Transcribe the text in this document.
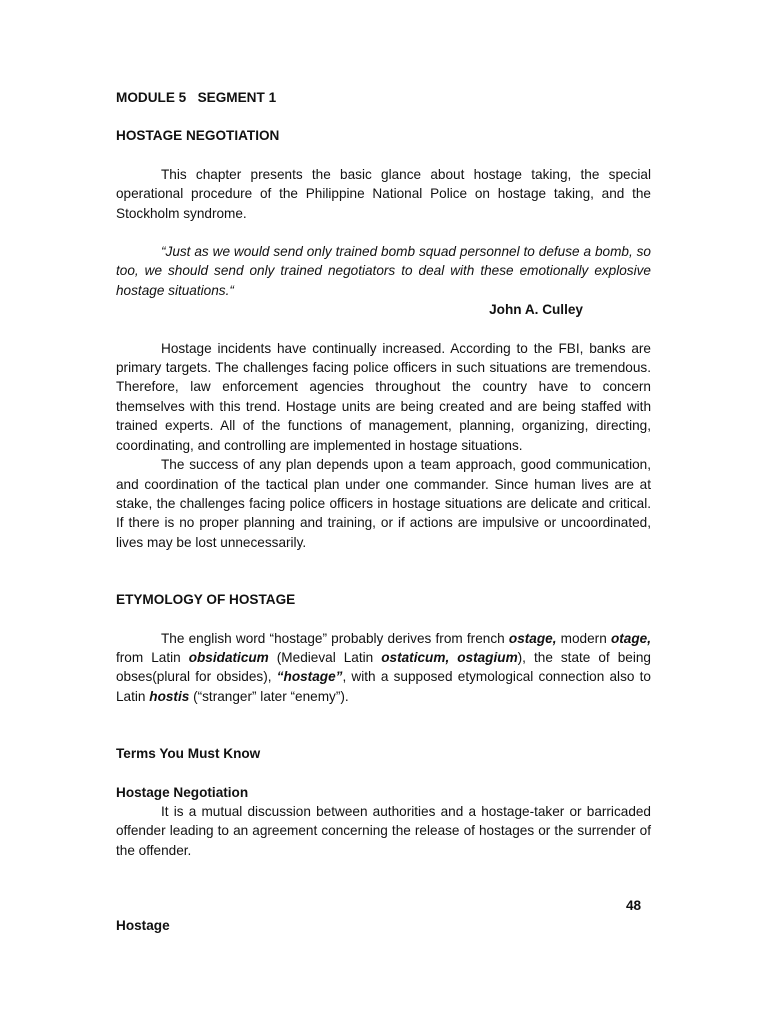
MODULE 5   SEGMENT 1

HOSTAGE NEGOTIATION

This chapter presents the basic glance about hostage taking, the special operational procedure of the Philippine National Police on hostage taking, and the Stockholm syndrome.

“Just as we would send only trained bomb squad personnel to defuse a bomb, so too, we should send only trained negotiators to deal with these emotionally explosive hostage situations.“

John A. Culley

Hostage incidents have continually increased. According to the FBI, banks are primary targets. The challenges facing police officers in such situations are tremendous. Therefore, law enforcement agencies throughout the country have to concern themselves with this trend. Hostage units are being created and are being staffed with trained experts. All of the functions of management, planning, organizing, directing, coordinating, and controlling are implemented in hostage situations.

The success of any plan depends upon a team approach, good communication, and coordination of the tactical plan under one commander. Since human lives are at stake, the challenges facing police officers in hostage situations are delicate and critical. If there is no proper planning and training, or if actions are impulsive or uncoordinated, lives may be lost unnecessarily.

ETYMOLOGY OF HOSTAGE

The english word “hostage” probably derives from french ostage, modern otage, from Latin obsidaticum (Medieval Latin ostaticum, ostagium), the state of being obses(plural for obsides), “hostage”, with a supposed etymological connection also to Latin hostis (“stranger” later “enemy”).

Terms You Must Know

Hostage Negotiation

It is a mutual discussion between authorities and a hostage-taker or barricaded offender leading to an agreement concerning the release of hostages or the surrender of the offender.

48
Hostage
